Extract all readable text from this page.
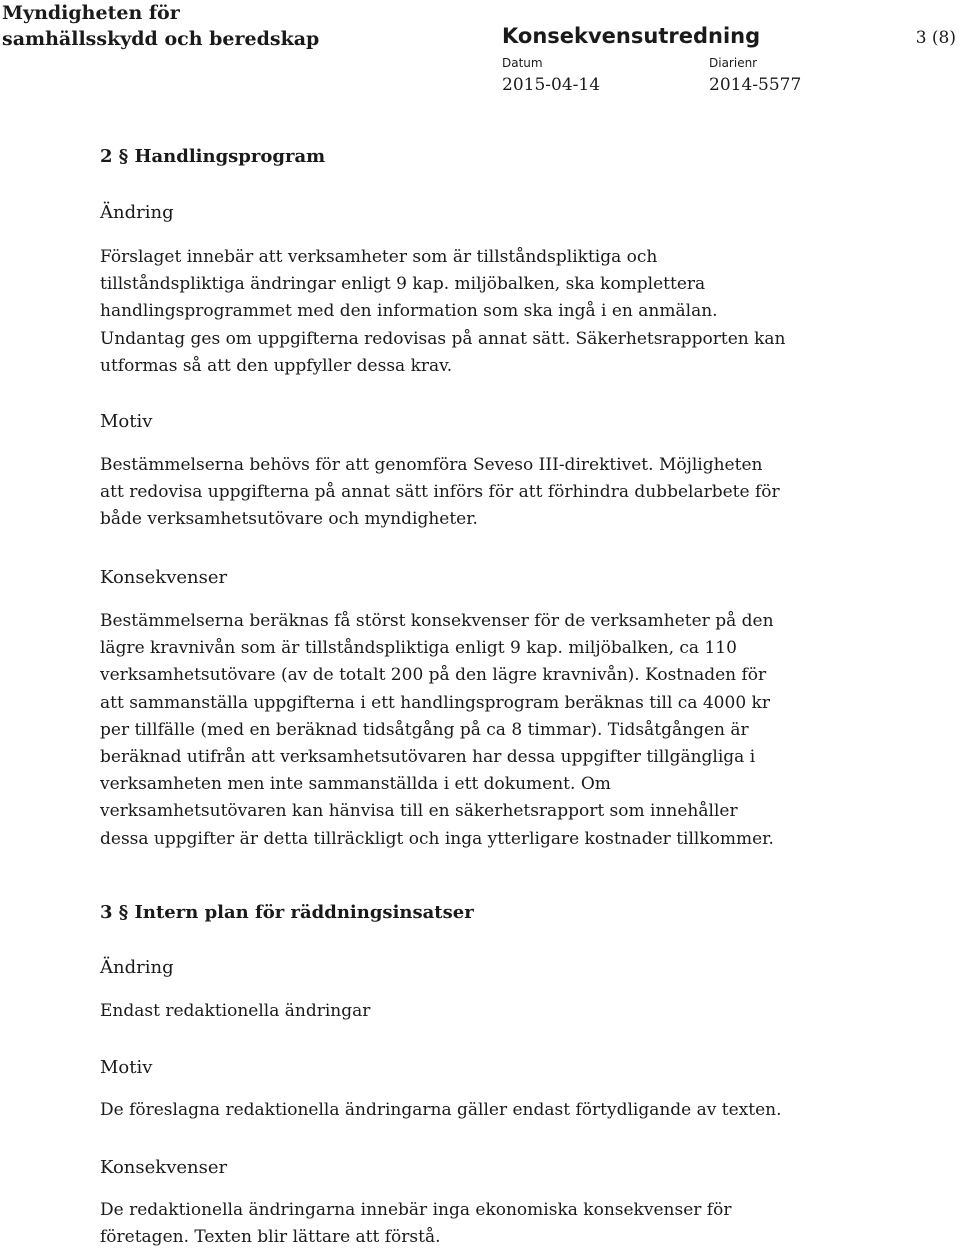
Myndigheten för
samhällsskydd och beredskap	Konsekvensutredning	3 (8)
Datum
2015-04-14
Diarienr
2014-5577
2 § Handlingsprogram
Ändring
Förslaget innebär att verksamheter som är tillståndspliktiga och
tillståndspliktiga ändringar enligt 9 kap. miljöbalken, ska komplettera
handlingsprogrammet med den information som ska ingå i en anmälan.
Undantag ges om uppgifterna redovisas på annat sätt. Säkerhetsrapporten kan
utformas så att den uppfyller dessa krav.
Motiv
Bestämmelserna behövs för att genomföra Seveso III-direktivet. Möjligheten
att redovisa uppgifterna på annat sätt införs för att förhindra dubbelarbete för
både verksamhetsutövare och myndigheter.
Konsekvenser
Bestämmelserna beräknas få störst konsekvenser för de verksamheter på den
lägre kravnivån som är tillståndspliktiga enligt 9 kap. miljöbalken, ca 110
verksamhetsutövare (av de totalt 200 på den lägre kravnivån). Kostnaden för
att sammanställa uppgifterna i ett handlingsprogram beräknas till ca 4000 kr
per tillfälle (med en beräknad tidsåtgång på ca 8 timmar). Tidsåtgången är
beräknad utifrån att verksamhetsutövaren har dessa uppgifter tillgängliga i
verksamheten men inte sammanställda i ett dokument. Om
verksamhetsutövaren kan hänvisa till en säkerhetsrapport som innehåller
dessa uppgifter är detta tillräckligt och inga ytterligare kostnader tillkommer.
3 § Intern plan för räddningsinsatser
Ändring
Endast redaktionella ändringar
Motiv
De föreslagna redaktionella ändringarna gäller endast förtydligande av texten.
Konsekvenser
De redaktionella ändringarna innebär inga ekonomiska konsekvenser för
företagen. Texten blir lättare att förstå.
